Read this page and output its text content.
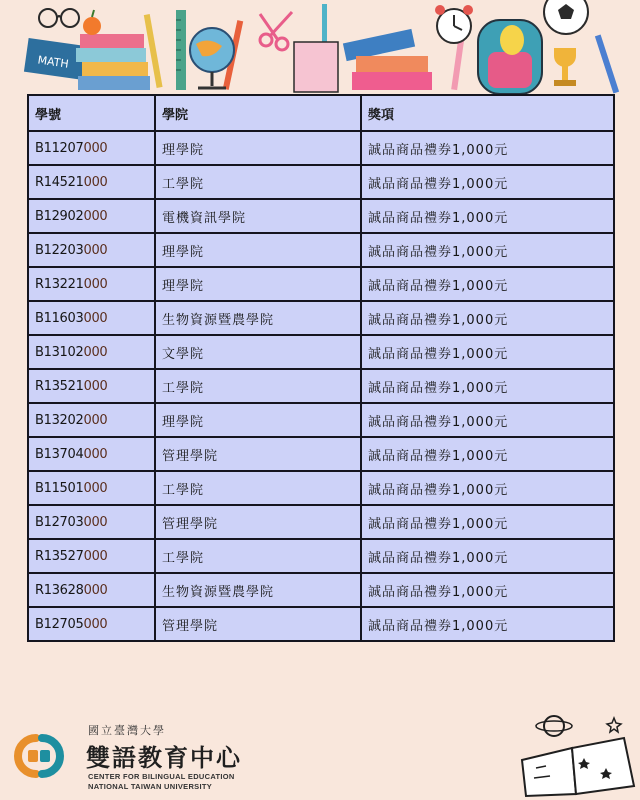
MATH
學號	學院	獎項
B11207000	理學院	誠品商品禮券1,000元
R14521000	工學院	誠品商品禮券1,000元
B12902000	電機資訊學院	誠品商品禮券1,000元
B12203000	理學院	誠品商品禮券1,000元
R13221000	理學院	誠品商品禮券1,000元
B11603000	生物資源暨農學院	誠品商品禮券1,000元
B13102000	文學院	誠品商品禮券1,000元
R13521000	工學院	誠品商品禮券1,000元
B13202000	理學院	誠品商品禮券1,000元
B13704000	管理學院	誠品商品禮券1,000元
B11501000	工學院	誠品商品禮券1,000元
B12703000	管理學院	誠品商品禮券1,000元
R13527000	工學院	誠品商品禮券1,000元
R13628000	生物資源暨農學院	誠品商品禮券1,000元
B12705000	管理學院	誠品商品禮券1,000元
國立臺灣大學
雙語教育中心
CENTER FOR BILINGUAL EDUCATION
NATIONAL TAIWAN UNIVERSITY
